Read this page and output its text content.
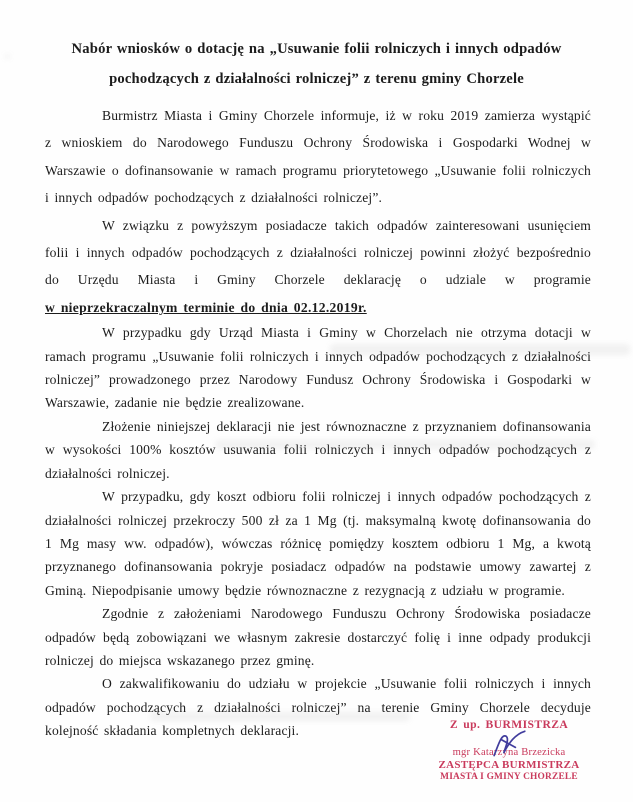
Nabór wniosków o dotację na „Usuwanie folii rolniczych i innych odpadów
pochodzących z działalności rolniczej” z terenu gminy Chorzele

Burmistrz Miasta i Gminy Chorzele informuje, iż w roku 2019 zamierza wystąpić z wnioskiem do Narodowego Funduszu Ochrony Środowiska i Gospodarki Wodnej w Warszawie o dofinansowanie w ramach programu priorytetowego „Usuwanie folii rolniczych i innych odpadów pochodzących z działalności rolniczej”.

W związku z powyższym posiadacze takich odpadów zainteresowani usunięciem folii i innych odpadów pochodzących z działalności rolniczej powinni złożyć bezpośrednio do Urzędu Miasta i Gminy Chorzele deklarację o udziale w programie
w nieprzekraczalnym terminie do dnia 02.12.2019r.

W przypadku gdy Urząd Miasta i Gminy w Chorzelach nie otrzyma dotacji w ramach programu „Usuwanie folii rolniczych i innych odpadów pochodzących z działalności rolniczej” prowadzonego przez Narodowy Fundusz Ochrony Środowiska i Gospodarki w Warszawie, zadanie nie będzie zrealizowane.

Złożenie niniejszej deklaracji nie jest równoznaczne z przyznaniem dofinansowania w wysokości 100% kosztów usuwania folii rolniczych i innych odpadów pochodzących z działalności rolniczej.

W przypadku, gdy koszt odbioru folii rolniczej i innych odpadów pochodzących z działalności rolniczej przekroczy 500 zł za 1 Mg (tj. maksymalną kwotę dofinansowania do 1 Mg masy ww. odpadów), wówczas różnicę pomiędzy kosztem odbioru 1 Mg, a kwotą przyznanego dofinansowania pokryje posiadacz odpadów na podstawie umowy zawartej z Gminą. Niepodpisanie umowy będzie równoznaczne z rezygnacją z udziału w programie.

Zgodnie z założeniami Narodowego Funduszu Ochrony Środowiska posiadacze odpadów będą zobowiązani we własnym zakresie dostarczyć folię i inne odpady produkcji rolniczej do miejsca wskazanego przez gminę.

O zakwalifikowaniu do udziału w projekcie „Usuwanie folii rolniczych i innych odpadów pochodzących z działalności rolniczej” na terenie Gminy Chorzele decyduje kolejność składania kompletnych deklaracji.	Z up. BURMISTRZA
mgr Katarzyna Brzezicka
ZASTĘPCA BURMISTRZA
MIASTA I GMINY CHORZELE
